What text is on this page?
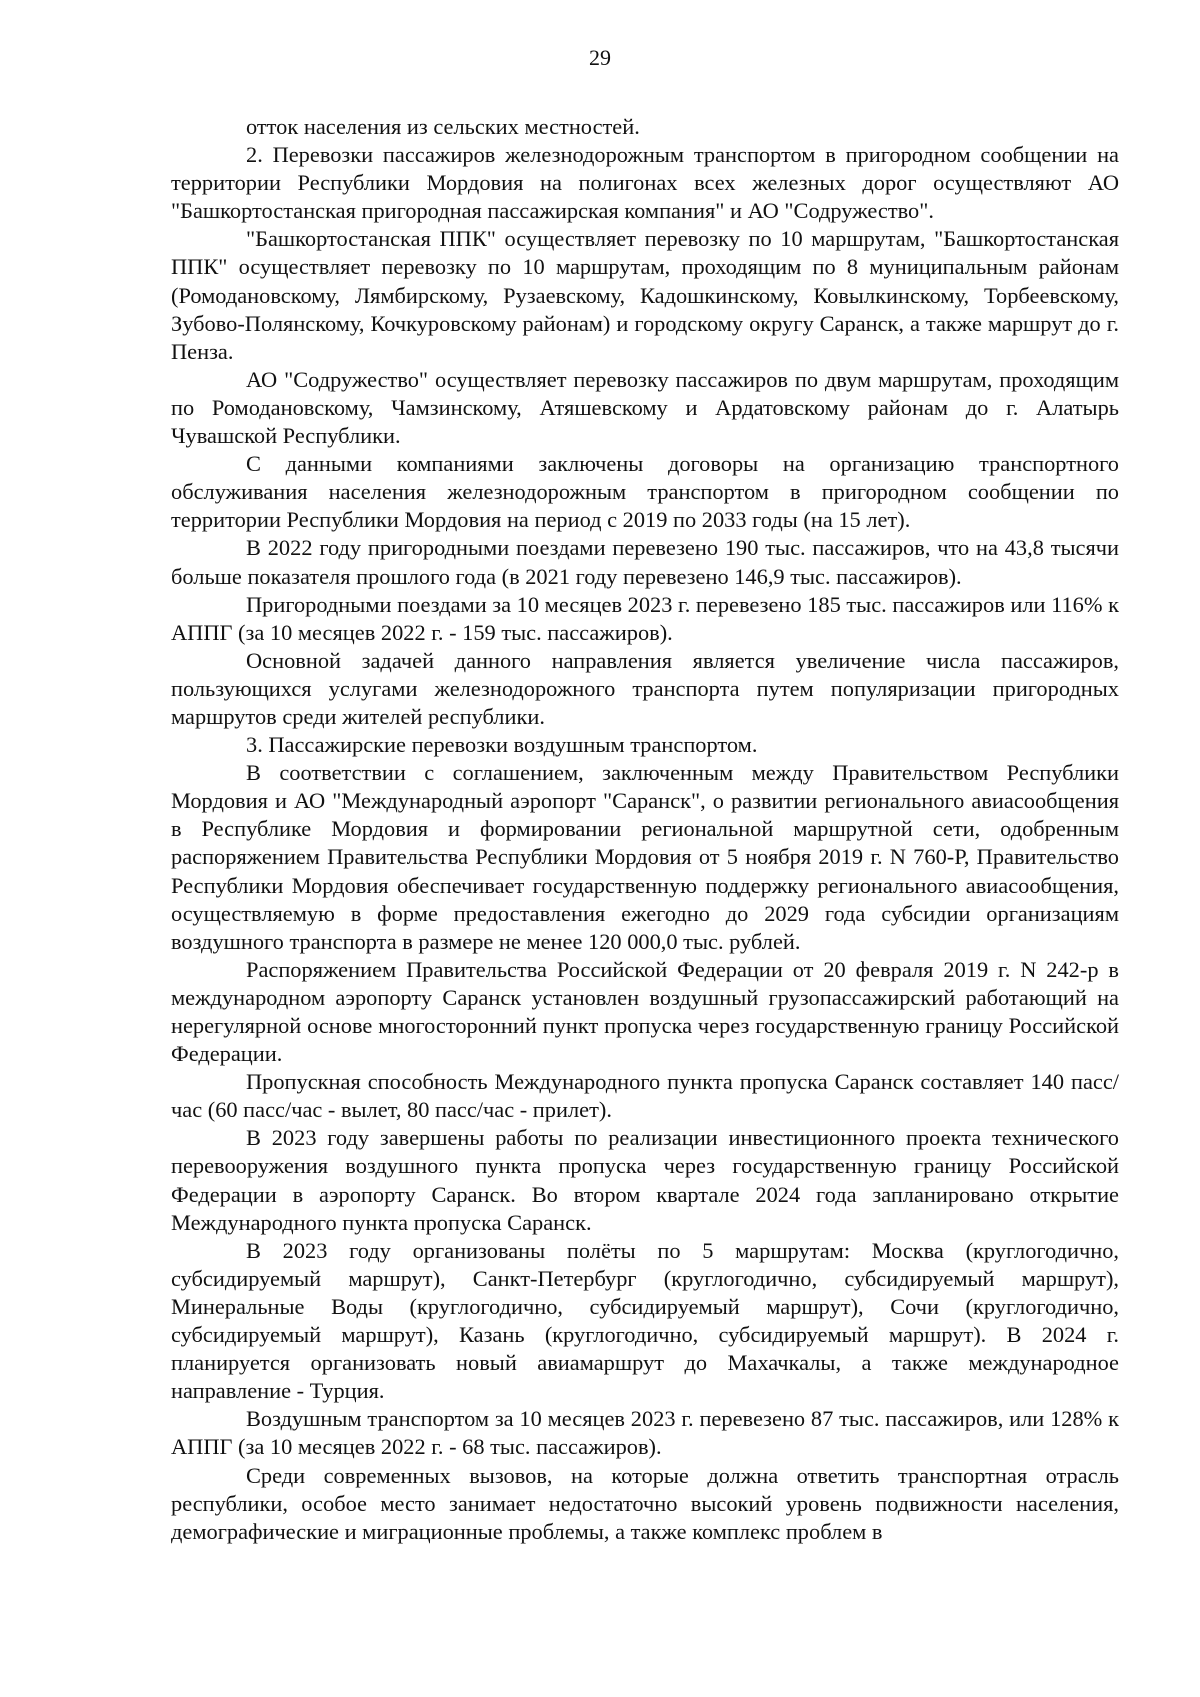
29

отток населения из сельских местностей.

2. Перевозки пассажиров железнодорожным транспортом в пригородном сообщении на территории Республики Мордовия на полигонах всех железных дорог осуществляют АО "Башкортостанская пригородная пассажирская компания" и АО "Содружество".

"Башкортостанская ППК" осуществляет перевозку по 10 маршрутам, "Башкортостанская ППК" осуществляет перевозку по 10 маршрутам, проходящим по 8 муниципальным районам (Ромодановскому, Лямбирскому, Рузаевскому, Кадошкинскому, Ковылкинскому, Торбеевскому, Зубово-Полянскому, Кочкуровскому районам) и городскому округу Саранск, а также маршрут до г. Пенза.

АО "Содружество" осуществляет перевозку пассажиров по двум маршрутам, проходящим по Ромодановскому, Чамзинскому, Атяшевскому и Ардатовскому районам до г. Алатырь Чувашской Республики.

С данными компаниями заключены договоры на организацию транспортного обслуживания населения железнодорожным транспортом в пригородном сообщении по территории Республики Мордовия на период с 2019 по 2033 годы (на 15 лет).

В 2022 году пригородными поездами перевезено 190 тыс. пассажиров, что на 43,8 тысячи больше показателя прошлого года (в 2021 году перевезено 146,9 тыс. пассажиров).

Пригородными поездами за 10 месяцев 2023 г. перевезено 185 тыс. пассажиров или 116% к АППГ (за 10 месяцев 2022 г. - 159 тыс. пассажиров).

Основной задачей данного направления является увеличение числа пассажиров, пользующихся услугами железнодорожного транспорта путем популяризации пригородных маршрутов среди жителей республики.

3. Пассажирские перевозки воздушным транспортом.

В соответствии с соглашением, заключенным между Правительством Республики Мордовия и АО "Международный аэропорт "Саранск", о развитии регионального авиасообщения в Республике Мордовия и формировании региональной маршрутной сети, одобренным распоряжением Правительства Республики Мордовия от 5 ноября 2019 г. N 760-Р, Правительство Республики Мордовия обеспечивает государственную поддержку регионального авиасообщения, осуществляемую в форме предоставления ежегодно до 2029 года субсидии организациям воздушного транспорта в размере не менее 120 000,0 тыс. рублей.

Распоряжением Правительства Российской Федерации от 20 февраля 2019 г. N 242-р в международном аэропорту Саранск установлен воздушный грузопассажирский работающий на нерегулярной основе многосторонний пункт пропуска через государственную границу Российской Федерации.

Пропускная способность Международного пункта пропуска Саранск составляет 140 пасс/час (60 пасс/час - вылет, 80 пасс/час - прилет).

В 2023 году завершены работы по реализации инвестиционного проекта технического перевооружения воздушного пункта пропуска через государственную границу Российской Федерации в аэропорту Саранск. Во втором квартале 2024 года запланировано открытие Международного пункта пропуска Саранск.

В 2023 году организованы полёты по 5 маршрутам: Москва (круглогодично, субсидируемый маршрут), Санкт-Петербург (круглогодично, субсидируемый маршрут), Минеральные Воды (круглогодично, субсидируемый маршрут), Сочи (круглогодично, субсидируемый маршрут), Казань (круглогодично, субсидируемый маршрут). В 2024 г. планируется организовать новый авиамаршрут до Махачкалы, а также международное направление - Турция.

Воздушным транспортом за 10 месяцев 2023 г. перевезено 87 тыс. пассажиров, или 128% к АППГ (за 10 месяцев 2022 г. - 68 тыс. пассажиров).

Среди современных вызовов, на которые должна ответить транспортная отрасль республики, особое место занимает недостаточно высокий уровень подвижности населения, демографические и миграционные проблемы, а также комплекс проблем в
